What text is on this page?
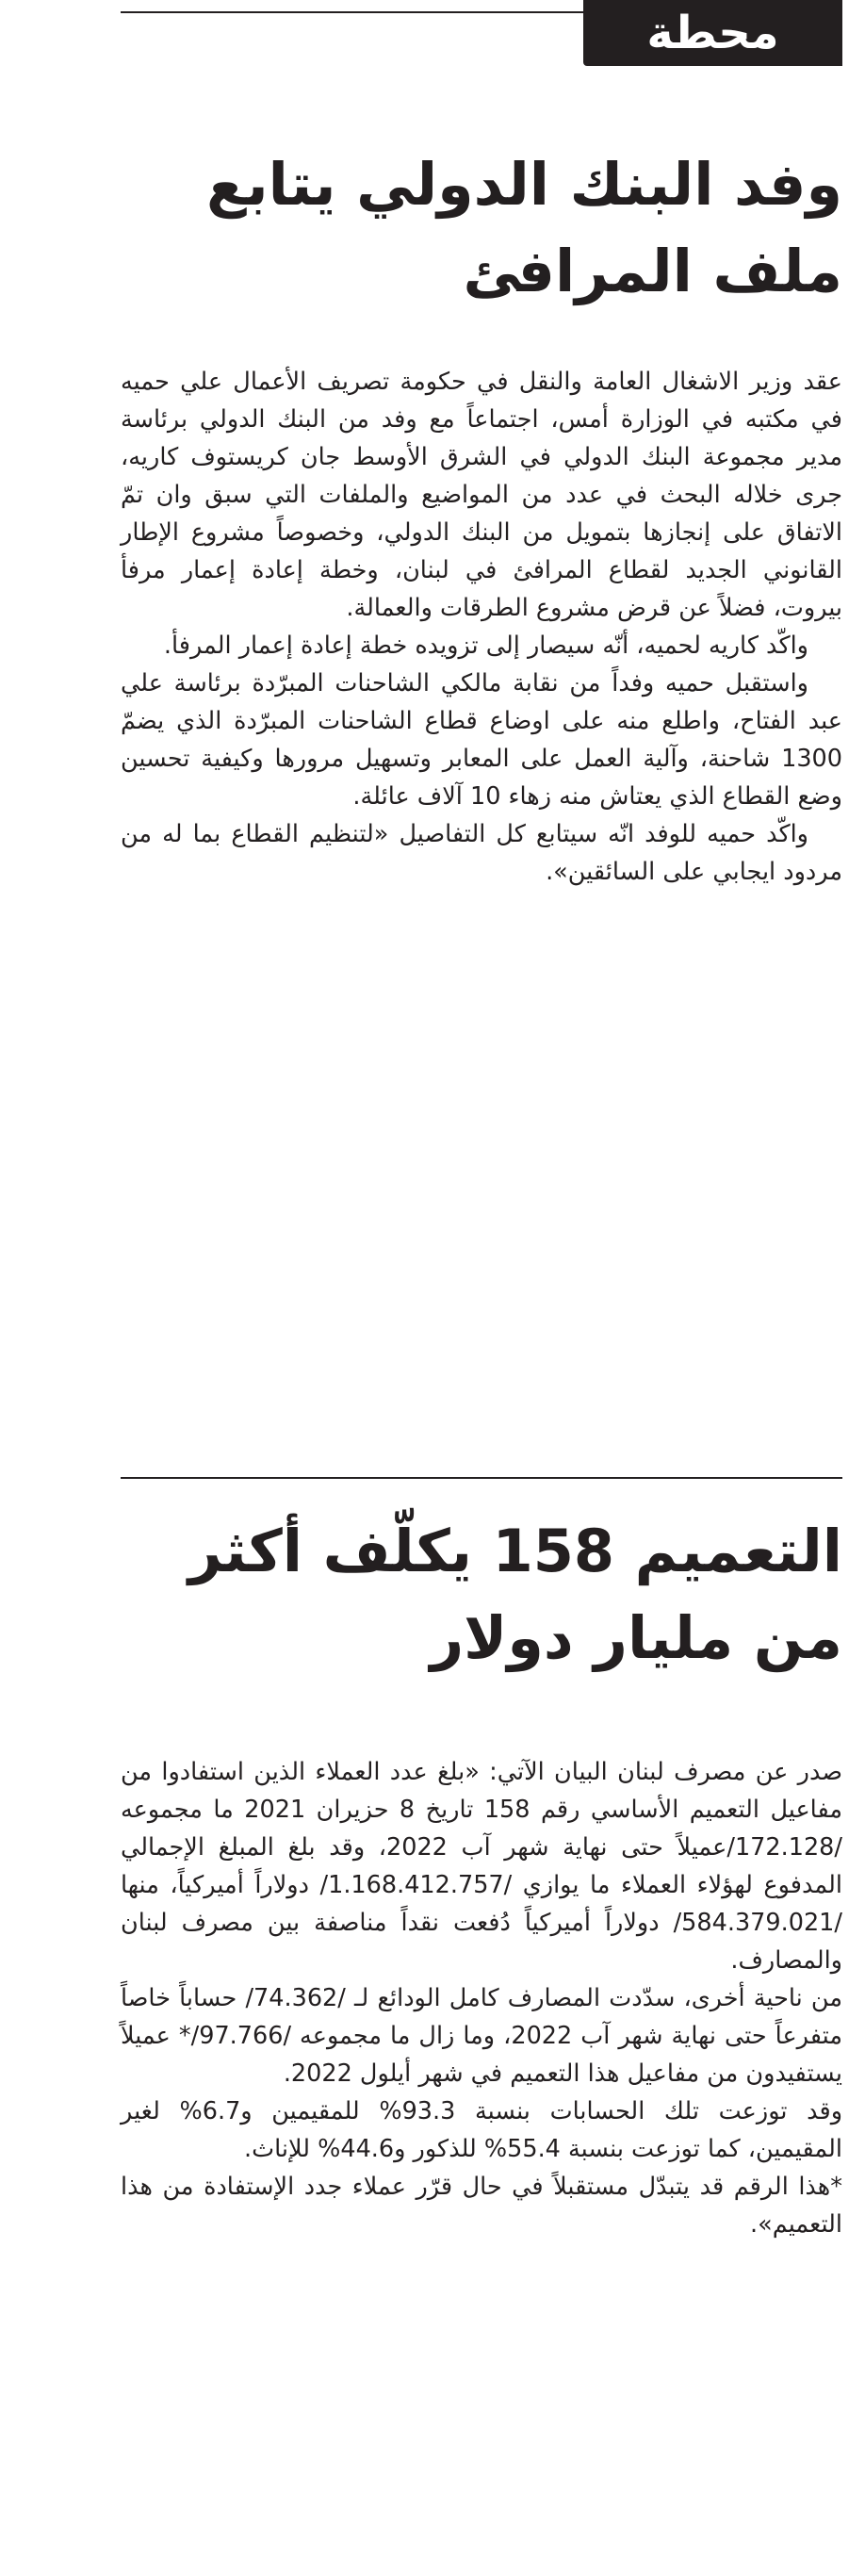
محطة
وفد البنك الدولي يتابع ملف المرافئ

عقد وزير الاشغال العامة والنقل في حكومة تصريف الأعمال علي حميه في مكتبه في الوزارة أمس، اجتماعاً مع وفد من البنك الدولي برئاسة مدير مجموعة البنك الدولي في الشرق الأوسط جان كريستوف كاريه، جرى خلاله البحث في عدد من المواضيع والملفات التي سبق وان تمّ الاتفاق على إنجازها بتمويل من البنك الدولي، وخصوصاً مشروع الإطار القانوني الجديد لقطاع المرافئ في لبنان، وخطة إعادة إعمار مرفأ بيروت، فضلاً عن قرض مشروع الطرقات والعمالة.

واكّد كاريه لحميه، أنّه سيصار إلى تزويده خطة إعادة إعمار المرفأ.

واستقبل حميه وفداً من نقابة مالكي الشاحنات المبرّدة برئاسة علي عبد الفتاح، واطلع منه على اوضاع قطاع الشاحنات المبرّدة الذي يضمّ 1300 شاحنة، وآلية العمل على المعابر وتسهيل مرورها وكيفية تحسين وضع القطاع الذي يعتاش منه زهاء 10 آلاف عائلة.

واكّد حميه للوفد انّه سيتابع كل التفاصيل «لتنظيم القطاع بما له من مردود ايجابي على السائقين».

التعميم 158 يكلّف أكثر من مليار دولار

صدر عن مصرف لبنان البيان الآتي: «بلغ عدد العملاء الذين استفادوا من مفاعيل التعميم الأساسي رقم 158 تاريخ 8 حزيران 2021 ما مجموعه /172.128/عميلاً حتى نهاية شهر آب 2022، وقد بلغ المبلغ الإجمالي المدفوع لهؤلاء العملاء ما يوازي /1.168.412.757/ دولاراً أميركياً، منها /584.379.021/ دولاراً أميركياً دُفعت نقداً مناصفة بين مصرف لبنان والمصارف.

من ناحية أخرى، سدّدت المصارف كامل الودائع لـ /74.362/ حساباً خاصاً متفرعاً حتى نهاية شهر آب 2022، وما زال ما مجموعه /97.766/* عميلاً يستفيدون من مفاعيل هذا التعميم في شهر أيلول 2022.

وقد توزعت تلك الحسابات بنسبة 93.3% للمقيمين و6.7% لغير المقيمين، كما توزعت بنسبة 55.4% للذكور و44.6% للإناث.

*هذا الرقم قد يتبدّل مستقبلاً في حال قرّر عملاء جدد الإستفادة من هذا التعميم».
